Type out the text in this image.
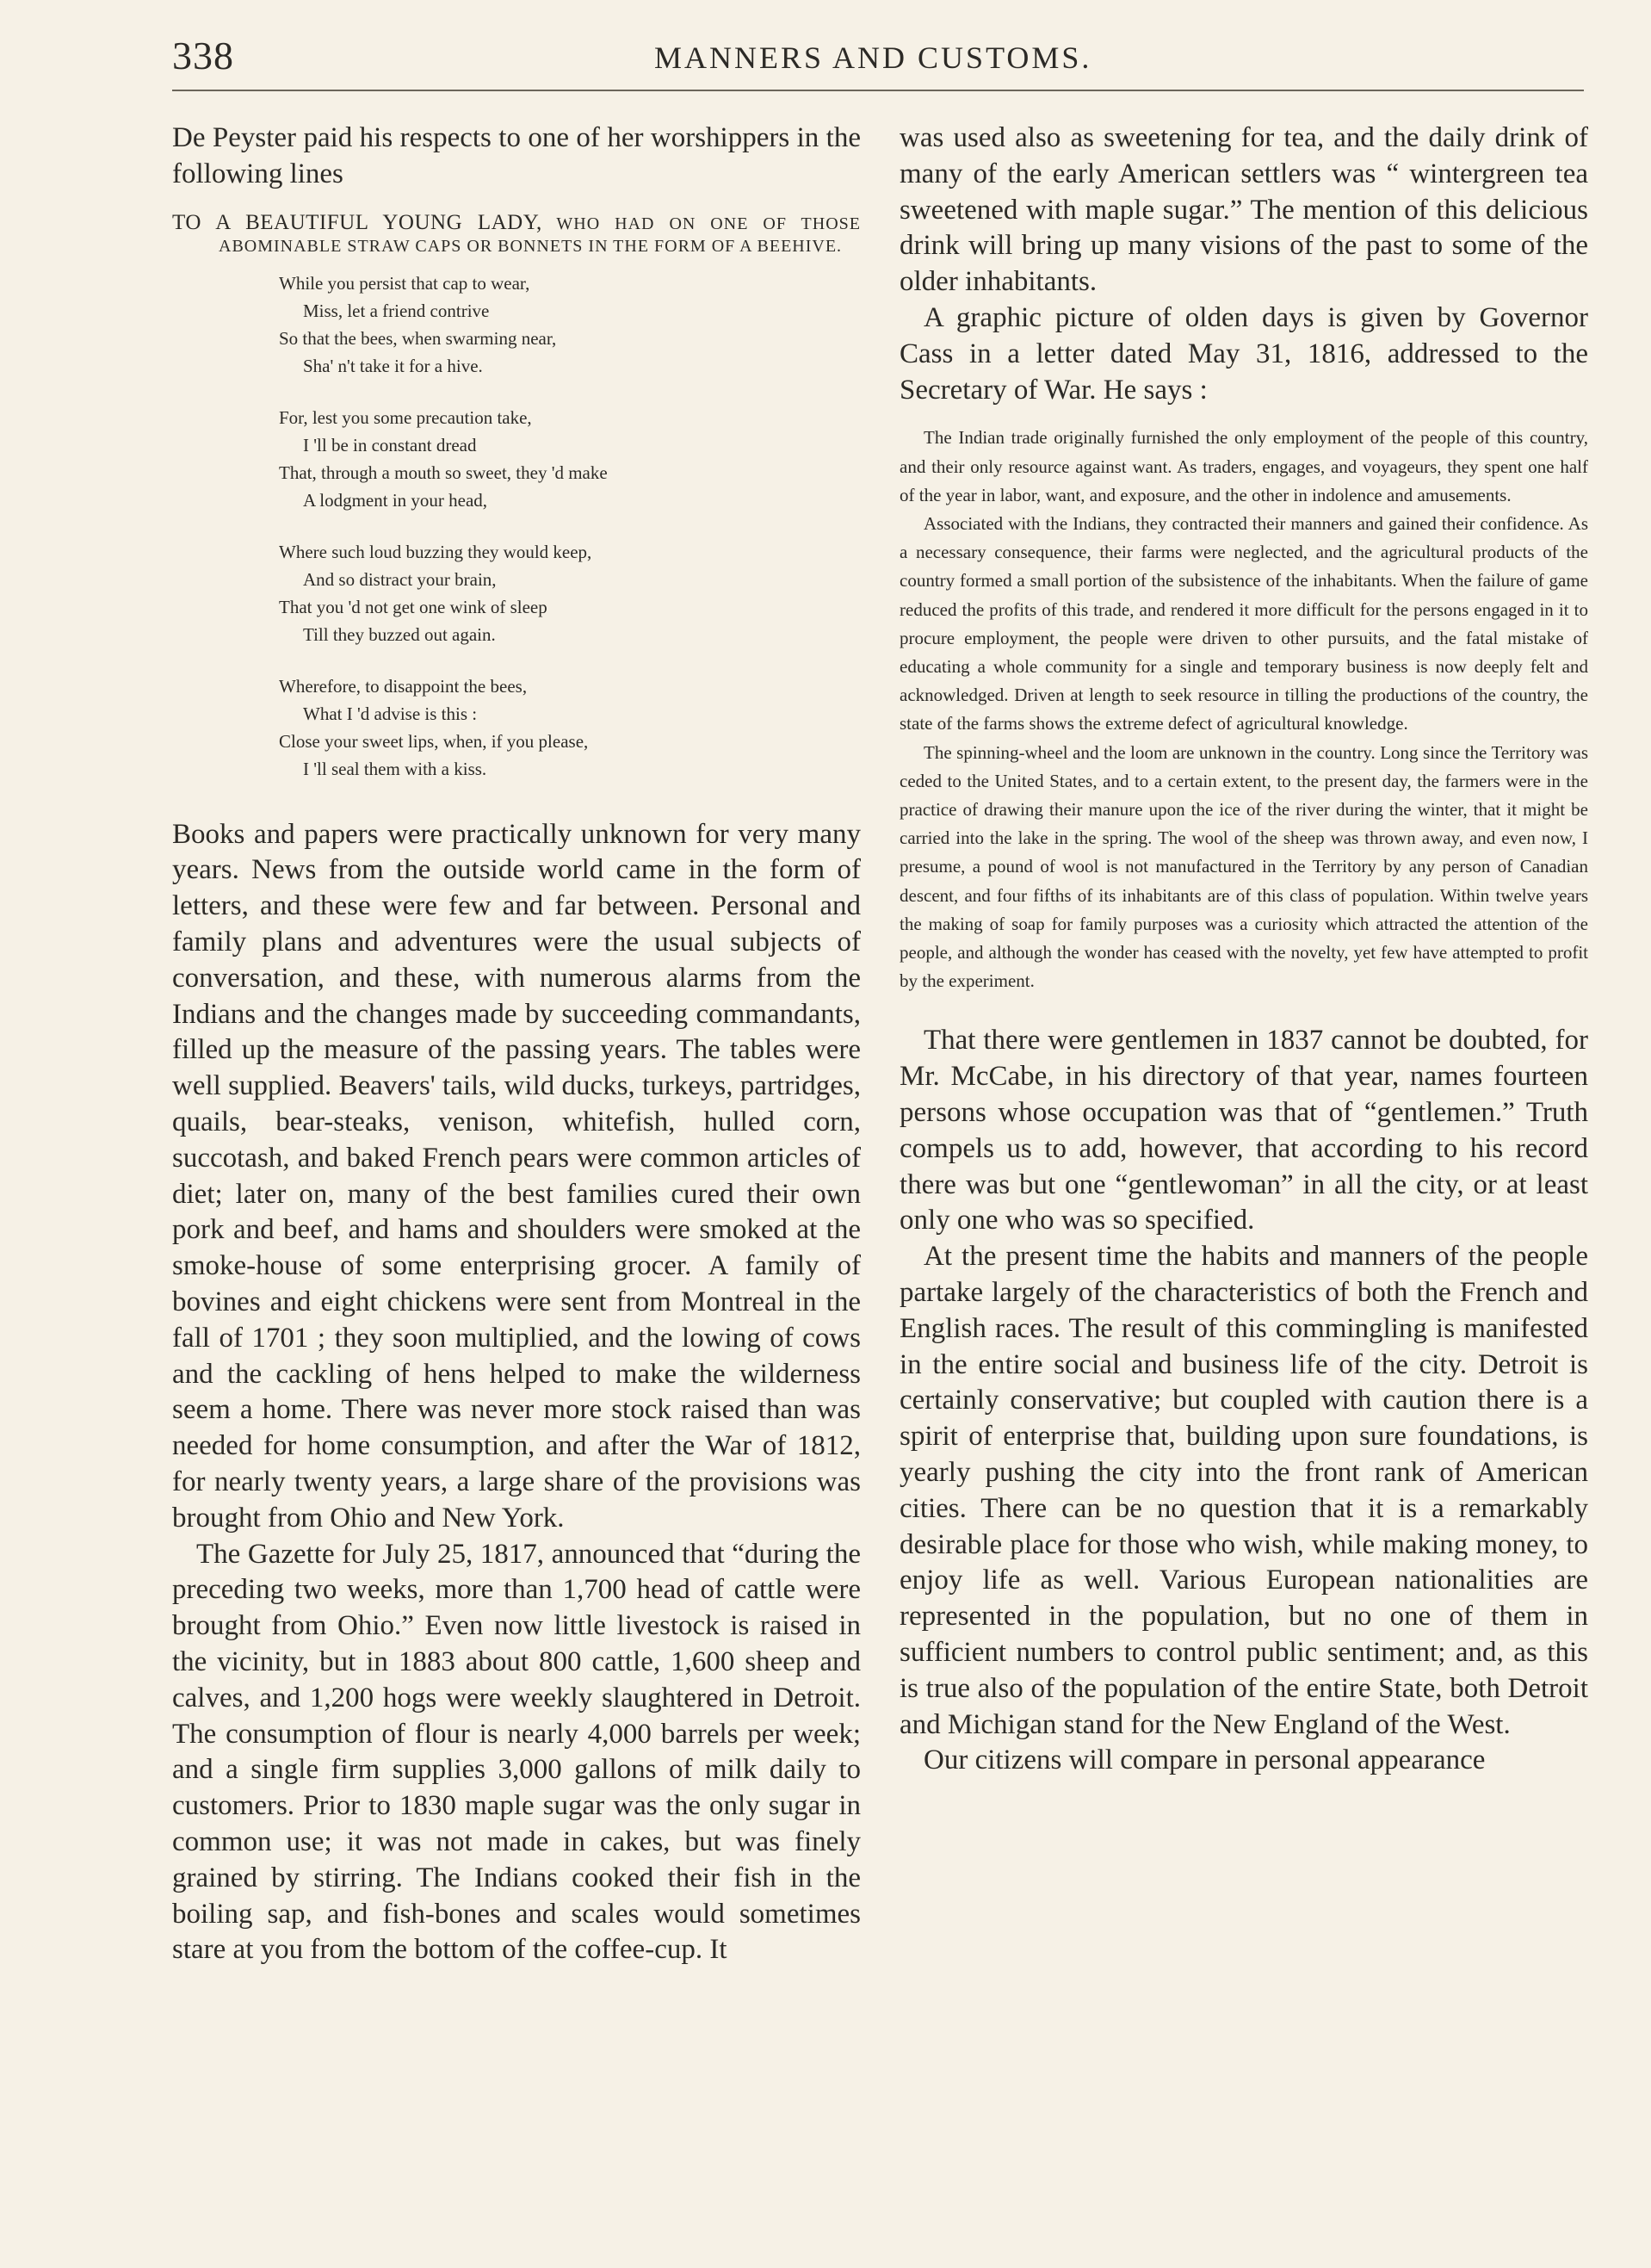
338	MANNERS AND CUSTOMS.

De Peyster paid his respects to one of her worshippers in the following lines

TO A BEAUTIFUL YOUNG LADY, WHO HAD ON ONE OF THOSE ABOMINABLE STRAW CAPS OR BONNETS IN THE FORM OF A BEEHIVE.

While you persist that cap to wear,
Miss, let a friend contrive
So that the bees, when swarming near,
Sha' n't take it for a hive.
For, lest you some precaution take,
I 'll be in constant dread
That, through a mouth so sweet, they 'd make
A lodgment in your head,
Where such loud buzzing they would keep,
And so distract your brain,
That you 'd not get one wink of sleep
Till they buzzed out again.
Wherefore, to disappoint the bees,
What I 'd advise is this :
Close your sweet lips, when, if you please,
I 'll seal them with a kiss.

Books and papers were practically unknown for very many years. News from the outside world came in the form of letters, and these were few and far between. Personal and family plans and adventures were the usual subjects of conversation, and these, with numerous alarms from the Indians and the changes made by succeeding commandants, filled up the measure of the passing years. The tables were well supplied. Beavers' tails, wild ducks, turkeys, partridges, quails, bear-steaks, venison, whitefish, hulled corn, succotash, and baked French pears were common articles of diet; later on, many of the best families cured their own pork and beef, and hams and shoulders were smoked at the smoke-house of some enterprising grocer. A family of bovines and eight chickens were sent from Montreal in the fall of 1701 ; they soon multiplied, and the lowing of cows and the cackling of hens helped to make the wilderness seem a home. There was never more stock raised than was needed for home consumption, and after the War of 1812, for nearly twenty years, a large share of the provisions was brought from Ohio and New York.

The Gazette for July 25, 1817, announced that “during the preceding two weeks, more than 1,700 head of cattle were brought from Ohio.” Even now little livestock is raised in the vicinity, but in 1883 about 800 cattle, 1,600 sheep and calves, and 1,200 hogs were weekly slaughtered in Detroit. The consumption of flour is nearly 4,000 barrels per week; and a single firm supplies 3,000 gallons of milk daily to customers. Prior to 1830 maple sugar was the only sugar in common use; it was not made in cakes, but was finely grained by stirring. The Indians cooked their fish in the boiling sap, and fish-bones and scales would sometimes stare at you from the bottom of the coffee-cup. It

was used also as sweetening for tea, and the daily drink of many of the early American settlers was “ wintergreen tea sweetened with maple sugar.” The mention of this delicious drink will bring up many visions of the past to some of the older inhabitants.

A graphic picture of olden days is given by Governor Cass in a letter dated May 31, 1816, addressed to the Secretary of War. He says :

The Indian trade originally furnished the only employment of the people of this country, and their only resource against want. As traders, engages, and voyageurs, they spent one half of the year in labor, want, and exposure, and the other in indolence and amusements.

Associated with the Indians, they contracted their manners and gained their confidence. As a necessary consequence, their farms were neglected, and the agricultural products of the country formed a small portion of the subsistence of the inhabitants. When the failure of game reduced the profits of this trade, and rendered it more difficult for the persons engaged in it to procure employment, the people were driven to other pursuits, and the fatal mistake of educating a whole community for a single and temporary business is now deeply felt and acknowledged. Driven at length to seek resource in tilling the productions of the country, the state of the farms shows the extreme defect of agricultural knowledge.

The spinning-wheel and the loom are unknown in the country. Long since the Territory was ceded to the United States, and to a certain extent, to the present day, the farmers were in the practice of drawing their manure upon the ice of the river during the winter, that it might be carried into the lake in the spring. The wool of the sheep was thrown away, and even now, I presume, a pound of wool is not manufactured in the Territory by any person of Canadian descent, and four fifths of its inhabitants are of this class of population. Within twelve years the making of soap for family purposes was a curiosity which attracted the attention of the people, and although the wonder has ceased with the novelty, yet few have attempted to profit by the experiment.

That there were gentlemen in 1837 cannot be doubted, for Mr. McCabe, in his directory of that year, names fourteen persons whose occupation was that of “gentlemen.” Truth compels us to add, however, that according to his record there was but one “gentlewoman” in all the city, or at least only one who was so specified.

At the present time the habits and manners of the people partake largely of the characteristics of both the French and English races. The result of this commingling is manifested in the entire social and business life of the city. Detroit is certainly conservative; but coupled with caution there is a spirit of enterprise that, building upon sure foundations, is yearly pushing the city into the front rank of American cities. There can be no question that it is a remarkably desirable place for those who wish, while making money, to enjoy life as well. Various European nationalities are represented in the population, but no one of them in sufficient numbers to control public sentiment; and, as this is true also of the population of the entire State, both Detroit and Michigan stand for the New England of the West.

Our citizens will compare in personal appearance
